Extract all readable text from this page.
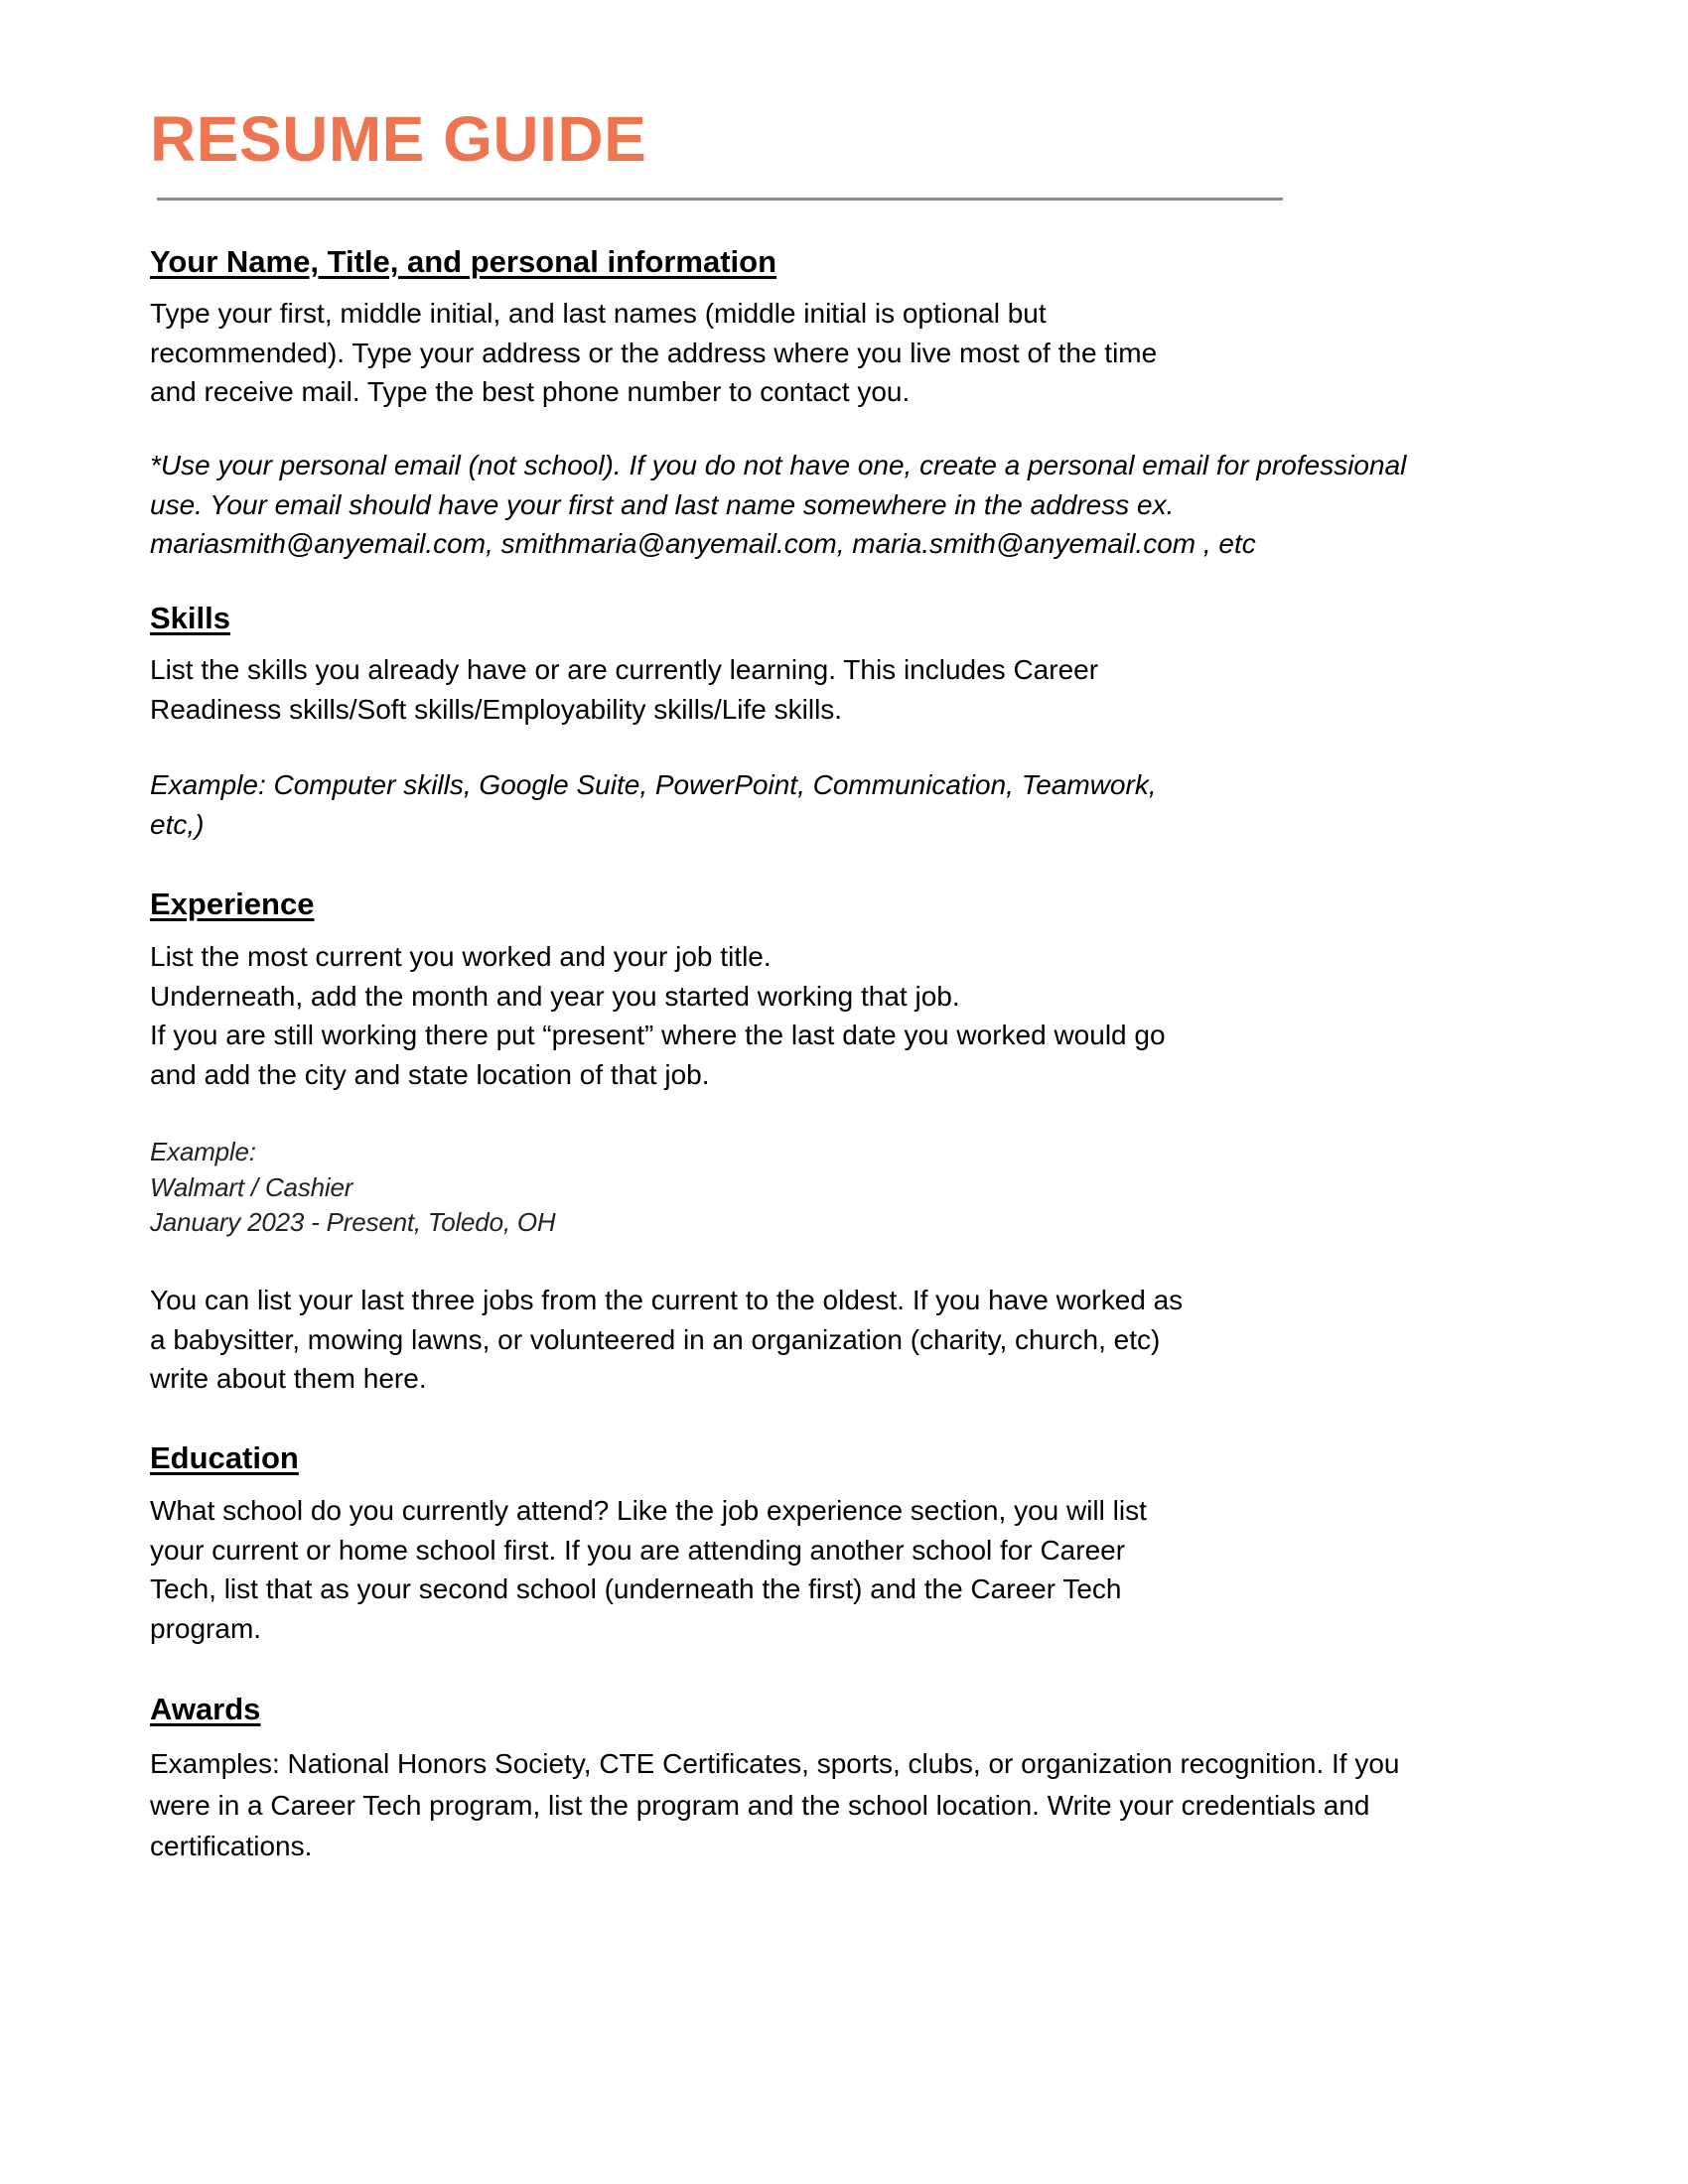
RESUME GUIDE
Your Name, Title, and personal information

Type your first, middle initial, and last names (middle initial is optional but
recommended). Type your address or the address where you live most of the time
and receive mail. Type the best phone number to contact you.

*Use your personal email (not school). If you do not have one, create a personal email for professional
use. Your email should have your first and last name somewhere in the address ex.
mariasmith@anyemail.com, smithmaria@anyemail.com, maria.smith@anyemail.com , etc

Skills

List the skills you already have or are currently learning. This includes Career
Readiness skills/Soft skills/Employability skills/Life skills.

Example: Computer skills, Google Suite, PowerPoint, Communication, Teamwork,
etc,)

Experience

List the most current you worked and your job title.
Underneath, add the month and year you started working that job.
If you are still working there put “present” where the last date you worked would go
and add the city and state location of that job.

Example:
Walmart / Cashier
January 2023 - Present, Toledo, OH

You can list your last three jobs from the current to the oldest. If you have worked as
a babysitter, mowing lawns, or volunteered in an organization (charity, church, etc)
write about them here.

Education

What school do you currently attend? Like the job experience section, you will list
your current or home school first. If you are attending another school for Career
Tech, list that as your second school (underneath the first) and the Career Tech
program.

Awards

Examples: National Honors Society, CTE Certificates, sports, clubs, or organization recognition. If you
were in a Career Tech program, list the program and the school location. Write your credentials and
certifications.
